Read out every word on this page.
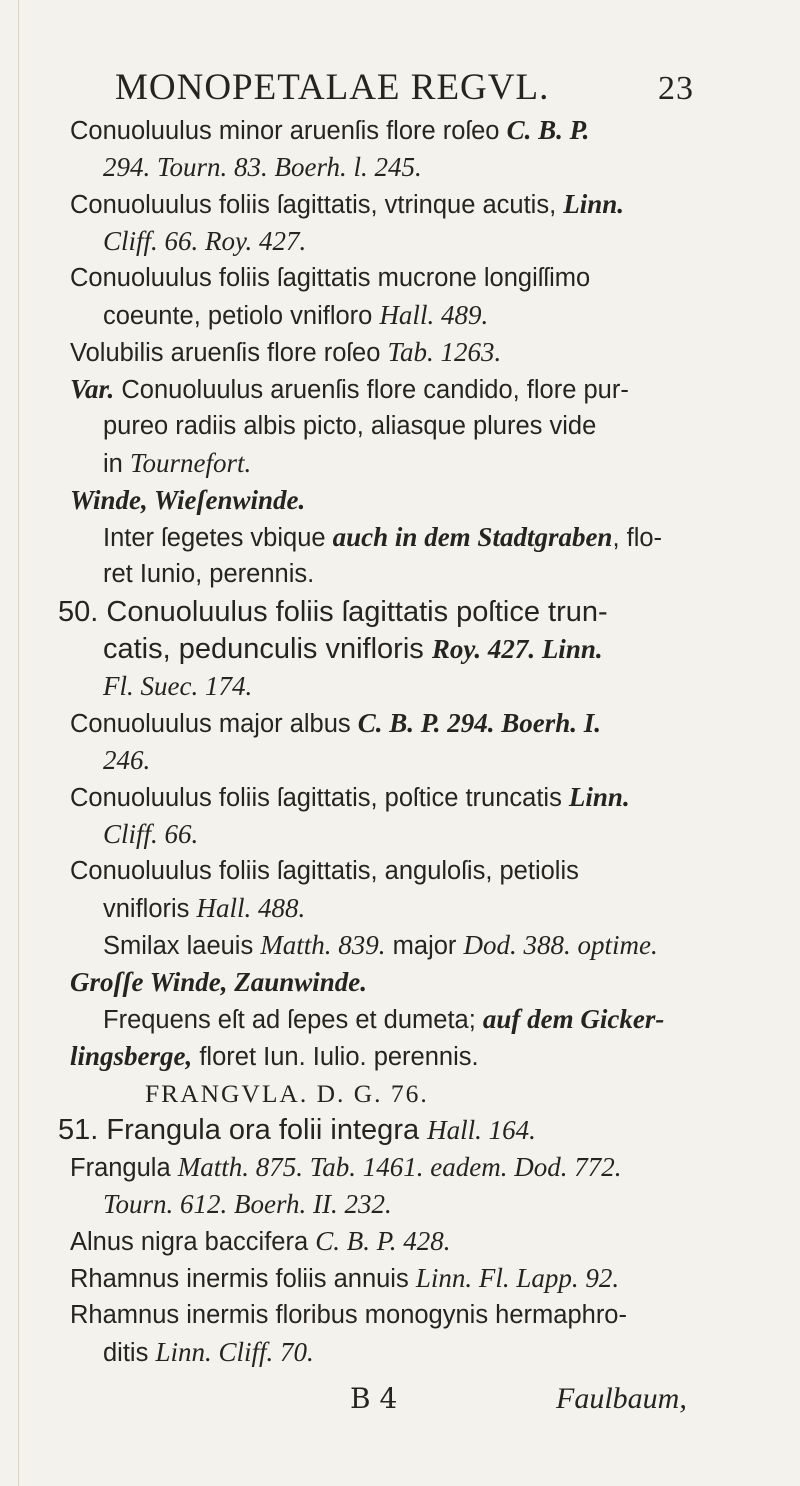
MONOPETALAE REGVL.	23
Conuoluulus minor aruenſis flore roſeo C. B. P.
294. Tourn. 83. Boerh. l. 245.
Conuoluulus foliis ſagittatis, vtrinque acutis, Linn.
Cliff. 66. Roy. 427.
Conuoluulus foliis ſagittatis mucrone longiſſimo
coeunte, petiolo vnifloro Hall. 489.
Volubilis aruenſis flore roſeo Tab. 1263.
Var. Conuoluulus aruenſis flore candido, flore pur-
pureo radiis albis picto, aliasque plures vide
in Tournefort.
Winde, Wieſenwinde.
Inter ſegetes vbique auch in dem Stadtgraben, flo-
ret Iunio, perennis.
50. Conuoluulus foliis ſagittatis poſtice trun-
catis, pedunculis vnifloris Roy. 427. Linn.
Fl. Suec. 174.
Conuoluulus major albus C. B. P. 294. Boerh. I.
246.
Conuoluulus foliis ſagittatis, poſtice truncatis Linn.
Cliff. 66.
Conuoluulus foliis ſagittatis, anguloſis, petiolis
vnifloris Hall. 488.
Smilax laeuis Matth. 839. major Dod. 388. optime.
Groſſe Winde, Zaunwinde.
Frequens eſt ad ſepes et dumeta; auf dem Gicker-
lingsberge, floret Iun. Iulio. perennis.
FRANGVLA. D. G. 76.
51. Frangula ora folii integra Hall. 164.
Frangula Matth. 875. Tab. 1461. eadem. Dod. 772.
Tourn. 612. Boerh. II. 232.
Alnus nigra baccifera C. B. P. 428.
Rhamnus inermis foliis annuis Linn. Fl. Lapp. 92.
Rhamnus inermis floribus monogynis hermaphro-
ditis Linn. Cliff. 70.
B 4	Faulbaum,
